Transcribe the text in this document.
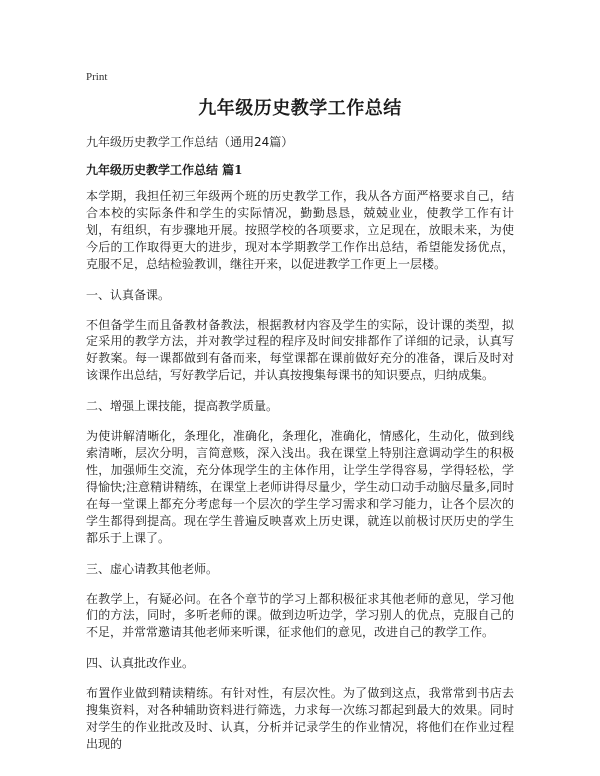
Print
九年级历史教学工作总结
九年级历史教学工作总结（通用24篇）
九年级历史教学工作总结 篇1
本学期，我担任初三年级两个班的历史教学工作，我从各方面严格要求自己，结合本校的实际条件和学生的实际情况，勤勤恳恳，兢兢业业，使教学工作有计划，有组织，有步骤地开展。按照学校的各项要求，立足现在，放眼未来，为使今后的工作取得更大的进步，现对本学期教学工作作出总结，希望能发扬优点，克服不足，总结检验教训，继往开来，以促进教学工作更上一层楼。
一、认真备课。
不但备学生而且备教材备教法，根据教材内容及学生的实际，设计课的类型，拟定采用的教学方法，并对教学过程的程序及时间安排都作了详细的记录，认真写好教案。每一课都做到有备而来，每堂课都在课前做好充分的准备，课后及时对该课作出总结，写好教学后记，并认真按搜集每课书的知识要点，归纳成集。
二、增强上课技能，提高教学质量。
为使讲解清晰化，条理化，准确化，条理化，准确化，情感化，生动化，做到线索清晰，层次分明，言简意赅，深入浅出。我在课堂上特别注意调动学生的积极性，加强师生交流，充分体现学生的主体作用，让学生学得容易，学得轻松，学得愉快;注意精讲精练，在课堂上老师讲得尽量少，学生动口动手动脑尽量多,同时在每一堂课上都充分考虑每一个层次的学生学习需求和学习能力，让各个层次的学生都得到提高。现在学生普遍反映喜欢上历史课，就连以前极讨厌历史的学生都乐于上课了。
三、虚心请教其他老师。
在教学上，有疑必问。在各个章节的学习上都积极征求其他老师的意见，学习他们的方法，同时，多听老师的课。做到边听边学，学习别人的优点，克服自己的不足，并常常邀请其他老师来听课，征求他们的意见，改进自己的教学工作。
四、认真批改作业。
布置作业做到精读精练。有针对性，有层次性。为了做到这点，我常常到书店去搜集资料，对各种辅助资料进行筛选，力求每一次练习都起到最大的效果。同时对学生的作业批改及时、认真，分析并记录学生的作业情况，将他们在作业过程出现的
